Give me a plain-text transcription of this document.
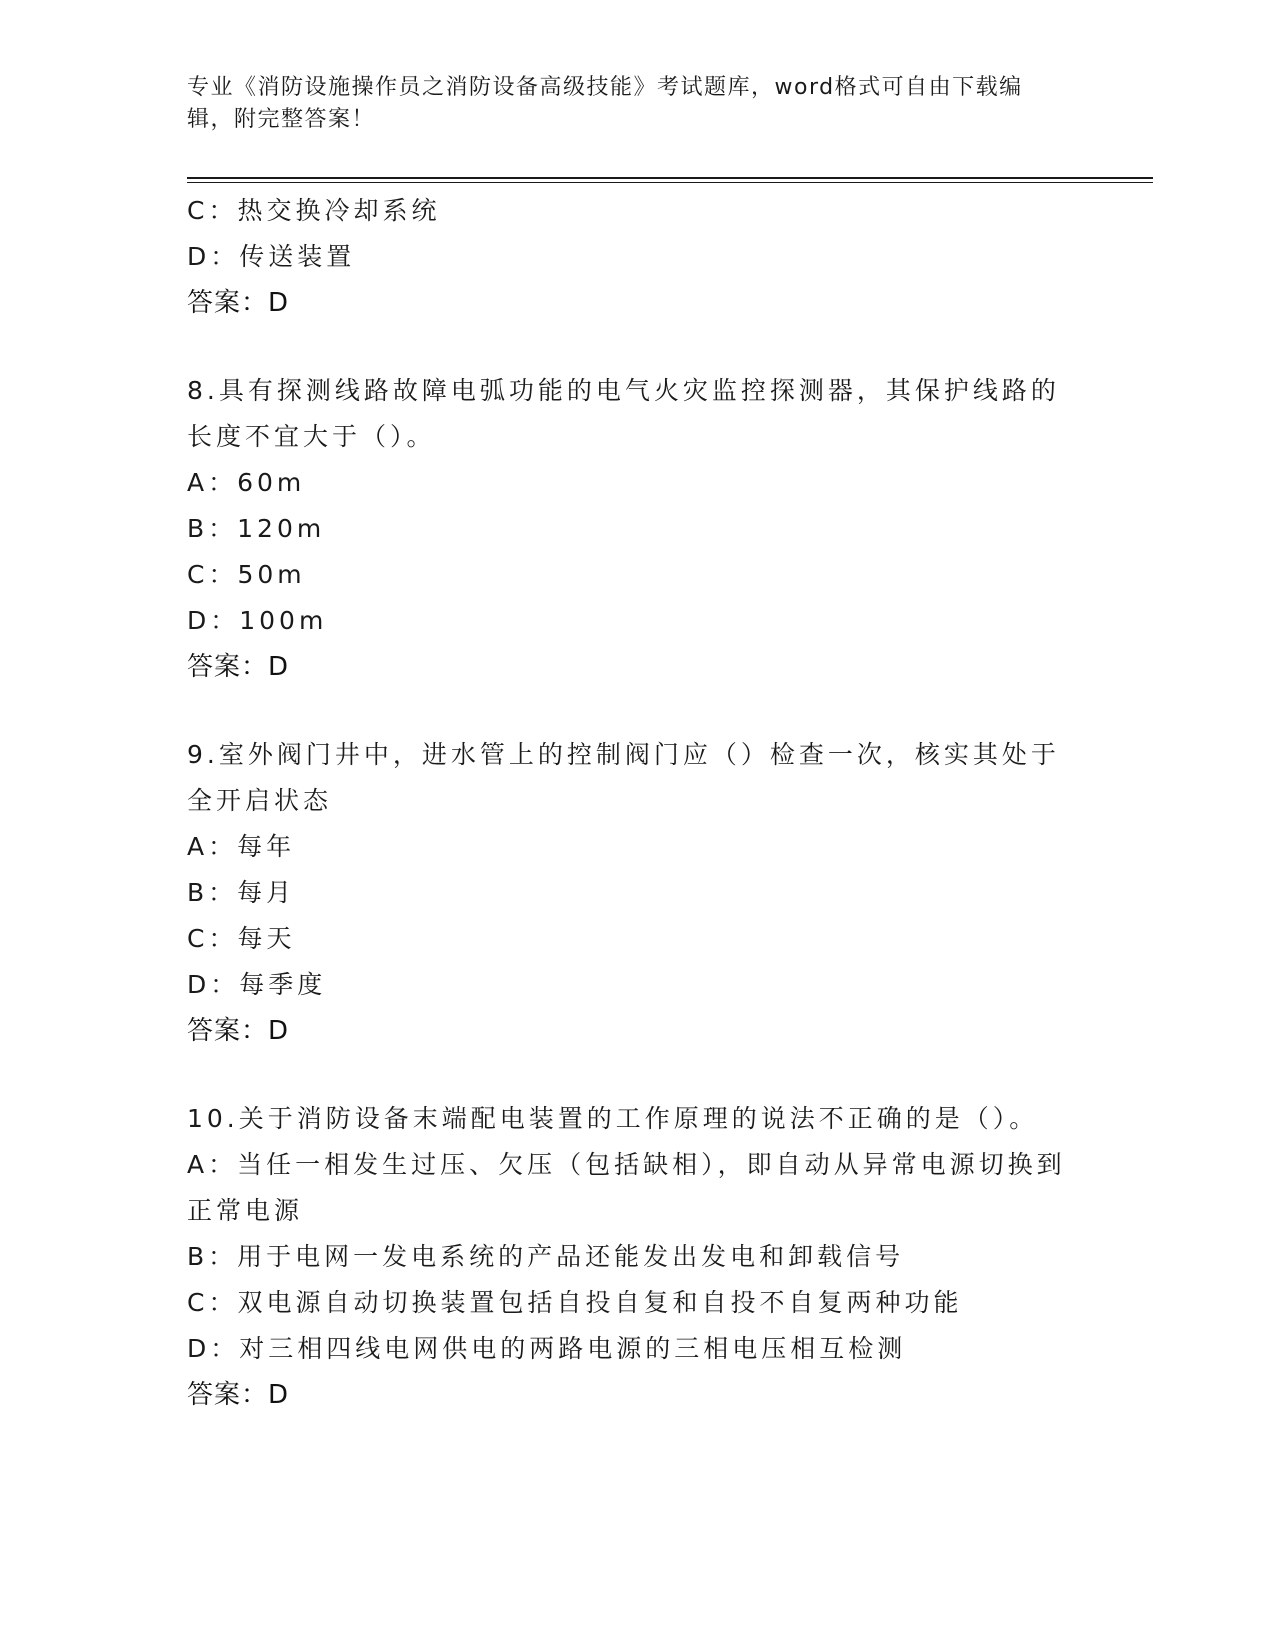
专业《消防设施操作员之消防设备高级技能》考试题库，word格式可自由下载编
辑，附完整答案！
C：热交换冷却系统
D：传送装置
答案：D
8.具有探测线路故障电弧功能的电气火灾监控探测器，其保护线路的
长度不宜大于（）。
A：60m
B：120m
C：50m
D：100m
答案：D
9.室外阀门井中，进水管上的控制阀门应（）检查一次，核实其处于
全开启状态
A：每年
B：每月
C：每天
D：每季度
答案：D
10.关于消防设备末端配电装置的工作原理的说法不正确的是（）。
A：当任一相发生过压、欠压（包括缺相），即自动从异常电源切换到
正常电源
B：用于电网一发电系统的产品还能发出发电和卸载信号
C：双电源自动切换装置包括自投自复和自投不自复两种功能
D：对三相四线电网供电的两路电源的三相电压相互检测
答案：D
